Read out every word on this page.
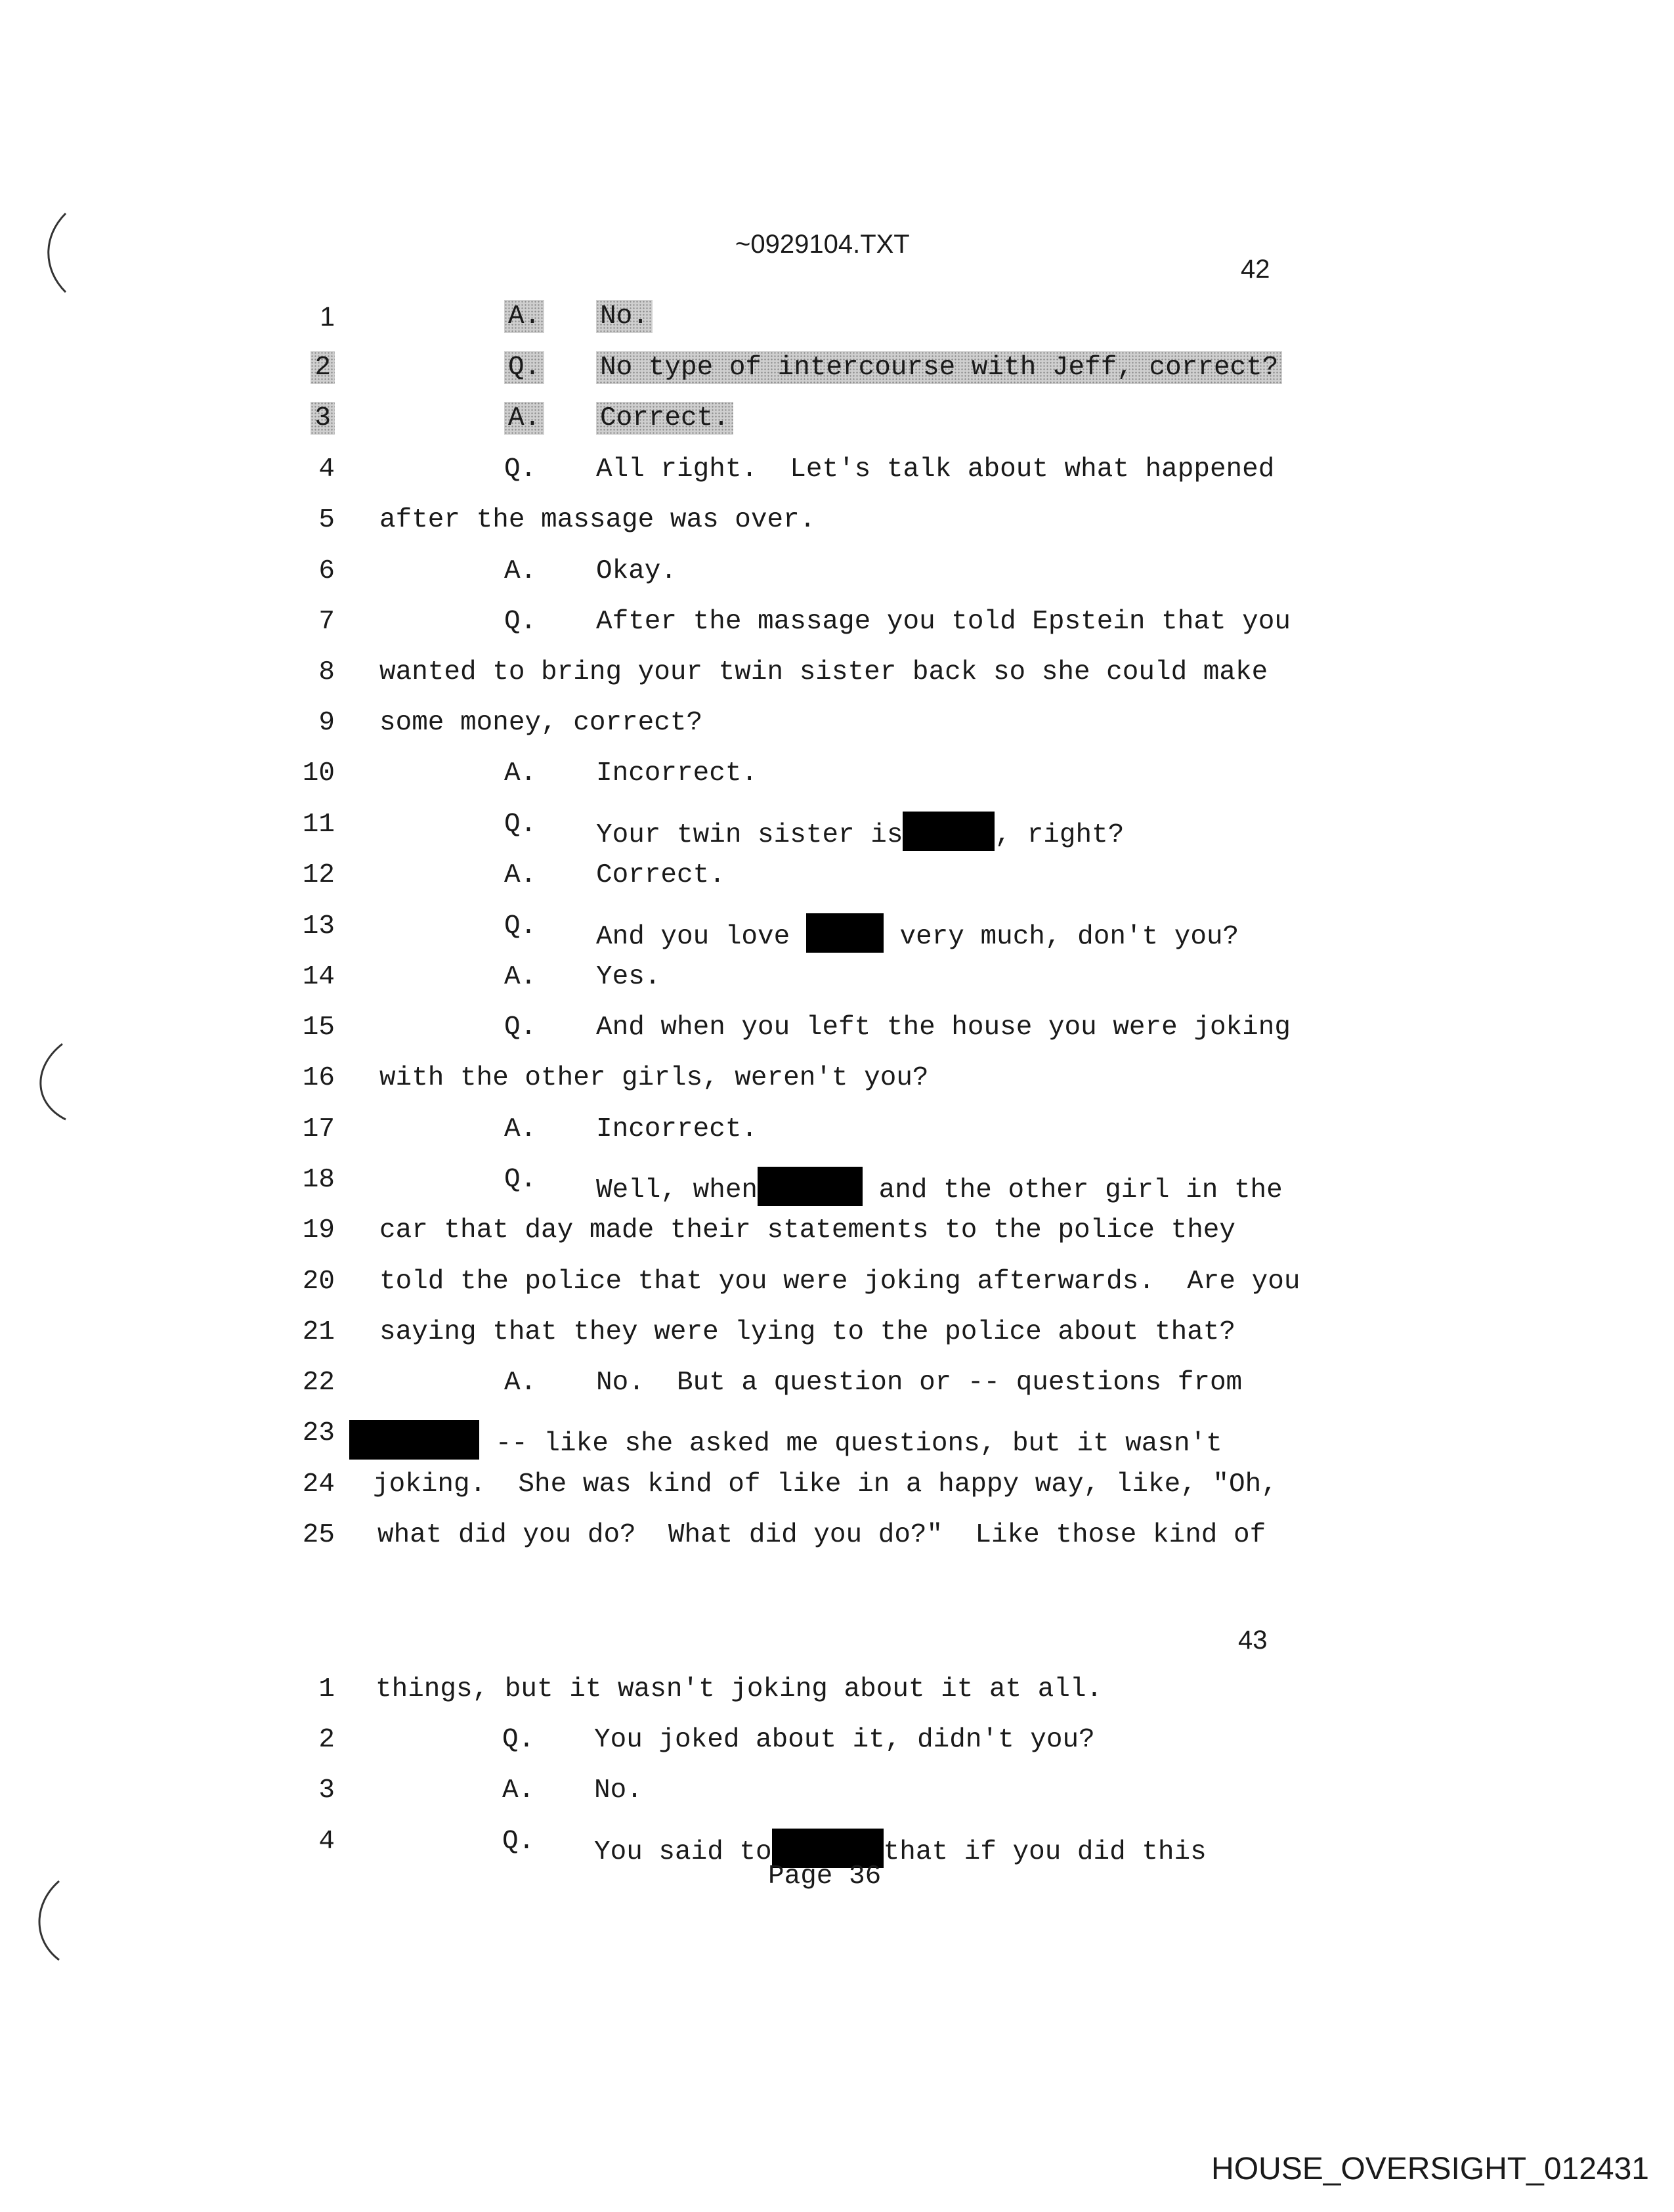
~0929104.TXT
42
1	A. No.
2	Q. No type of intercourse with Jeff, correct?
3	A. Correct.
4	Q. All right.  Let's talk about what happened
5 after the massage was over.
6	A. Okay.
7	Q. After the massage you told Epstein that you
8 wanted to bring your twin sister back so she could make
9 some money, correct?
10	A. Incorrect.
11	Q. Your twin sister is	, right?
12	A. Correct.
13	Q. And you love	very much, don't you?
14	A. Yes.
15	Q. And when you left the house you were joking
16 with the other girls, weren't you?
17	A. Incorrect.
18	Q. Well, when	and the other girl in the
19 car that day made their statements to the police they
20 told the police that you were joking afterwards.  Are you
21 saying that they were lying to the police about that?
22	A. No.  But a question or -- questions from
23	-- like she asked me questions, but it wasn't
24 joking.  She was kind of like in a happy way, like, "Oh,
25 what did you do?  What did you do?"  Like those kind of
43
1 things, but it wasn't joking about it at all.
2	Q. You joked about it, didn't you?
3	A. No.
4	Q. You said to	that if you did this
Page 36
HOUSE_OVERSIGHT_012431
